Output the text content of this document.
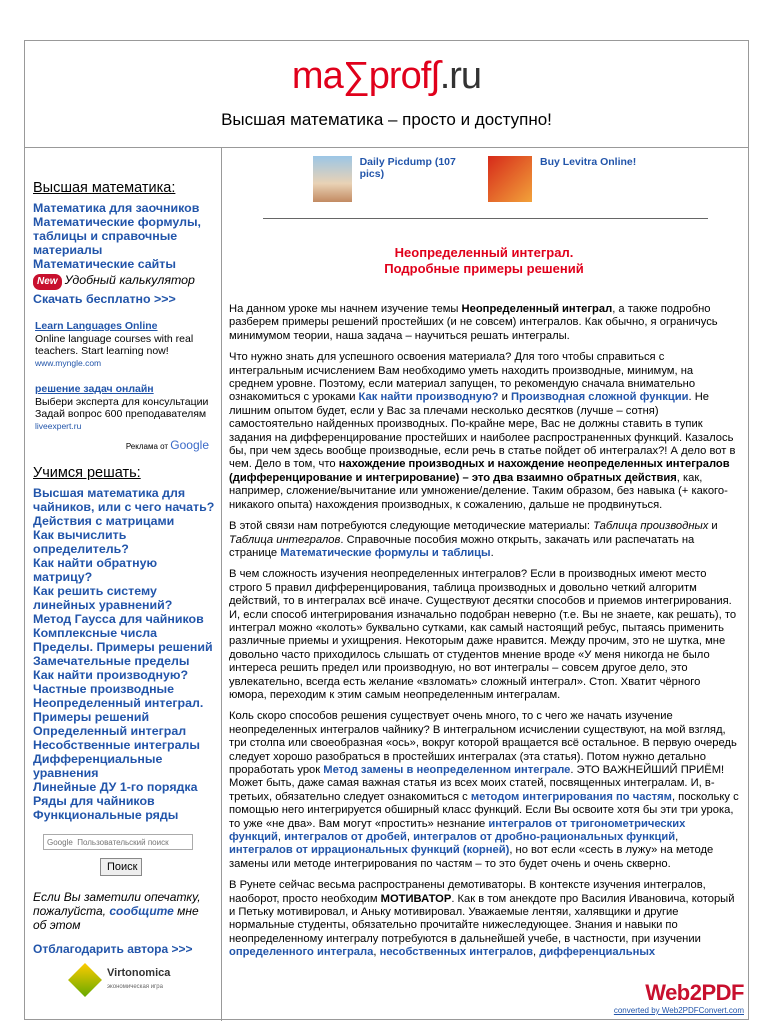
ma∑prof∫.ru
Высшая математика – просто и доступно!
Высшая математика:
Математика для заочников
Математические формулы, таблицы и справочные материалы
Математические сайты
New Удобный калькулятор
Скачать бесплатно >>>
Learn Languages Online
Online language courses with real teachers. Start learning now!
www.myngle.com
решение задач онлайн
Выбери эксперта для консультации Задай вопрос 600 преподавателям
liveexpert.ru
Реклама от Google
Учимся решать:
Высшая математика для чайников, или с чего начать?
Действия с матрицами
Как вычислить определитель?
Как найти обратную матрицу?
Как решить систему линейных уравнений?
Метод Гаусса для чайников
Комплексные числа
Пределы. Примеры решений
Замечательные пределы
Как найти производную?
Частные производные
Неопределенный интеграл.
Примеры решений
Определенный интеграл
Несобственные интегралы
Дифференциальные уравнения
Линейные ДУ 1-го порядка
Ряды для чайников
Функциональные ряды
Google Пользовательский поиск
Поиск
Если Вы заметили опечатку, пожалуйста, сообщите мне об этом
Отблагодарить автора >>>
Virtonomica
экономическая игра
Daily Picdump (107 pics)
Buy Levitra Online!
Неопределенный интеграл.
Подробные примеры решений

На данном уроке мы начнем изучение темы Неопределенный интеграл, а также подробно разберем примеры решений простейших (и не совсем) интегралов. Как обычно, я ограничусь минимумом теории, наша задача – научиться решать интегралы.

Что нужно знать для успешного освоения материала? Для того чтобы справиться с интегральным исчислением Вам необходимо уметь находить производные, минимум, на среднем уровне. Поэтому, если материал запущен, то рекомендую сначала внимательно ознакомиться с уроками Как найти производную? и Производная сложной функции. Не лишним опытом будет, если у Вас за плечами несколько десятков (лучше – сотня) самостоятельно найденных производных. По-крайне мере, Вас не должны ставить в тупик задания на дифференцирование простейших и наиболее распространенных функций. Казалось бы, при чем здесь вообще производные, если речь в статье пойдет об интегралах?! А дело вот в чем. Дело в том, что нахождение производных и нахождение неопределенных интегралов (дифференцирование и интегрирование) – это два взаимно обратных действия, как, например, сложение/вычитание или умножение/деление. Таким образом, без навыка (+ какого-никакого опыта) нахождения производных, к сожалению, дальше не продвинуться.

В этой связи нам потребуются следующие методические материалы: Таблица производных и Таблица интегралов. Справочные пособия можно открыть, закачать или распечатать на странице Математические формулы и таблицы.

В чем сложность изучения неопределенных интегралов? Если в производных имеют место строго 5 правил дифференцирования, таблица производных и довольно четкий алгоритм действий, то в интегралах всё иначе. Существуют десятки способов и приемов интегрирования. И, если способ интегрирования изначально подобран неверно (т.е. Вы не знаете, как решать), то интеграл можно «колоть» буквально сутками, как самый настоящий ребус, пытаясь применить различные приемы и ухищрения. Некоторым даже нравится. Между прочим, это не шутка, мне довольно часто приходилось слышать от студентов мнение вроде «У меня никогда не было интереса решить предел или производную, но вот интегралы – совсем другое дело, это увлекательно, всегда есть желание «взломать» сложный интеграл». Стоп. Хватит чёрного юмора, переходим к этим самым неопределенным интегралам.

Коль скоро способов решения существует очень много, то с чего же начать изучение неопределенных интегралов чайнику? В интегральном исчислении существуют, на мой взгляд, три столпа или своеобразная «ось», вокруг которой вращается всё остальное. В первую очередь следует хорошо разобраться в простейших интегралах (эта статья). Потом нужно детально проработать урок Метод замены в неопределенном интеграле. ЭТО ВАЖНЕЙШИЙ ПРИЁМ! Может быть, даже самая важная статья из всех моих статей, посвященных интегралам. И, в-третьих, обязательно следует ознакомиться с методом интегрирования по частям, поскольку с помощью него интегрируется обширный класс функций. Если Вы освоите хотя бы эти три урока, то уже «не два». Вам могут «простить» незнание интегралов от тригонометрических функций, интегралов от дробей, интегралов от дробно-рациональных функций, интегралов от иррациональных функций (корней), но вот если «сесть в лужу» на методе замены или методе интегрирования по частям – то это будет очень и очень скверно.

В Рунете сейчас весьма распространены демотиваторы. В контексте изучения интегралов, наоборот, просто необходим МОТИВАТОР. Как в том анекдоте про Василия Ивановича, который и Петьку мотивировал, и Аньку мотивировал. Уважаемые лентяи, халявщики и другие нормальные студенты, обязательно прочитайте нижеследующее. Знания и навыки по неопределенному интегралу потребуются в дальнейшей учебе, в частности, при изучении определенного интеграла, несобственных интегралов, дифференциальных

Web2PDF
converted by Web2PDFConvert.com
